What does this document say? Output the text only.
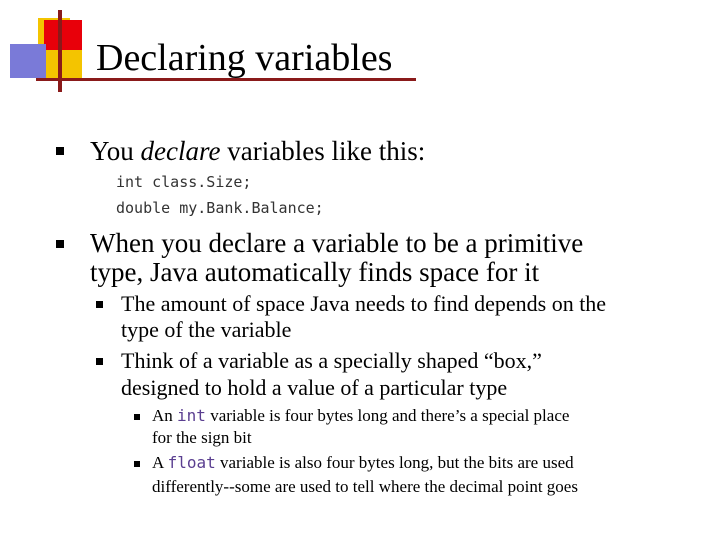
Declaring variables
You declare variables like this:
int class.Size;
double my.Bank.Balance;
When you declare a variable to be a primitive
type, Java automatically finds space for it
The amount of space Java needs to find depends on the
type of the variable
Think of a variable as a specially shaped “box,”
designed to hold a value of a particular type
An int variable is four bytes long and there’s a special place
for the sign bit
A float variable is also four bytes long, but the bits are used
differently--some are used to tell where the decimal point goes
